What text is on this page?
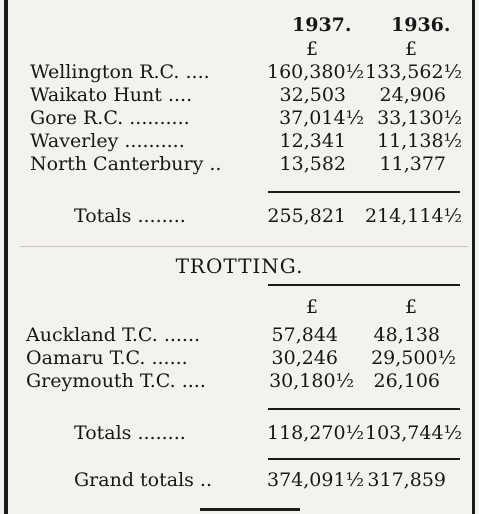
1937. 1936.
£	£
Wellington R.C. ....	160,380½ 133,562½
Waikato Hunt ....	32,503	24,906
Gore R.C. ..........	37,014½ 33,130½
Waverley ..........	12,341	11,138½
North Canterbury ..	13,582	11,377
Totals ........	255,821	214,114½
TROTTING.
£	£
Auckland T.C. ......	57,844	48,138
Oamaru T.C. ......	30,246	29,500½
Greymouth T.C. ....	30,180½	26,106
Totals ........	118,270½ 103,744½
Grand totals ..	374,091½ 317,859
